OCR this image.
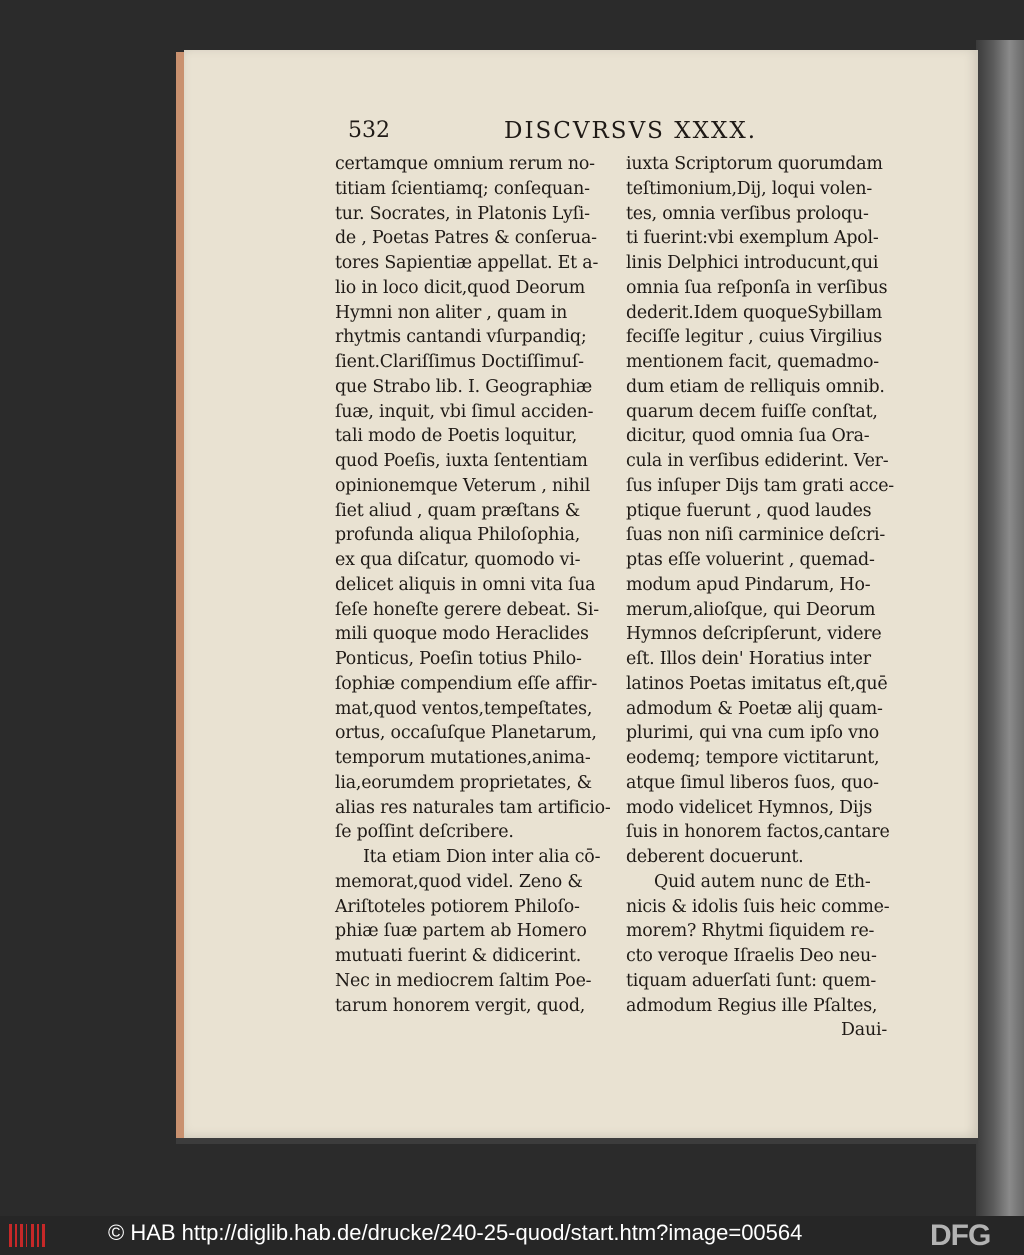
532	DISCVRSVS XXXX.
certamque omnium rerum no-
titiam ſcientiamq; conſequan-
tur. Socrates, in Platonis Lyſi-
de , Poetas Patres & conſerua-
tores Sapientiæ appellat. Et a-
lio in loco dicit,quod Deorum
Hymni non aliter , quam in
rhytmis cantandi vſurpandiq;
ſient.Clariſſimus Doctiſſimuſ-
que Strabo lib. I. Geographiæ
ſuæ, inquit, vbi ſimul acciden-
tali modo de Poetis loquitur,
quod Poeſis, iuxta ſententiam
opinionemque Veterum , nihil
ſiet aliud , quam præſtans &
profunda aliqua Philoſophia,
ex qua diſcatur, quomodo vi-
delicet aliquis in omni vita ſua
ſeſe honeſte gerere debeat. Si-
mili quoque modo Heraclides
Ponticus, Poeſin totius Philo-
ſophiæ compendium eſſe affir-
mat,quod ventos,tempeſtates,
ortus, occaſuſque Planetarum,
temporum mutationes,anima-
lia,eorumdem proprietates, &
alias res naturales tam artificio-
ſe poſſint deſcribere.
Ita etiam Dion inter alia cō-
memorat,quod videl. Zeno &
Ariſtoteles potiorem Philoſo-
phiæ ſuæ partem ab Homero
mutuati fuerint & didicerint.
Nec in mediocrem ſaltim Poe-
tarum honorem vergit, quod,
iuxta Scriptorum quorumdam
teſtimonium,Dij, loqui volen-
tes, omnia verſibus proloqu-
ti fuerint:vbi exemplum Apol-
linis Delphici introducunt,qui
omnia ſua reſponſa in verſibus
dederit.Idem quoqueSybillam
feciſſe legitur , cuius Virgilius
mentionem facit, quemadmo-
dum etiam de relliquis omnib.
quarum decem fuiſſe conſtat,
dicitur, quod omnia ſua Ora-
cula in verſibus ediderint. Ver-
ſus inſuper Dijs tam grati acce-
ptique fuerunt , quod laudes
ſuas non niſi carminice deſcri-
ptas eſſe voluerint , quemad-
modum apud Pindarum, Ho-
merum,alioſque, qui Deorum
Hymnos deſcripſerunt, videre
eſt. Illos dein' Horatius inter
latinos Poetas imitatus eſt,quē
admodum & Poetæ alij quam-
plurimi, qui vna cum ipſo vno
eodemq; tempore victitarunt,
atque ſimul liberos ſuos, quo-
modo videlicet Hymnos, Dijs
ſuis in honorem factos,cantare
deberent docuerunt.
Quid autem nunc de Eth-
nicis & idolis ſuis heic comme-
morem? Rhytmi ſiquidem re-
cto veroque Iſraelis Deo neu-
tiquam aduerſati ſunt: quem-
admodum Regius ille Pſaltes,
Daui-
© HAB http://diglib.hab.de/drucke/240-25-quod/start.htm?image=00564	DFG
